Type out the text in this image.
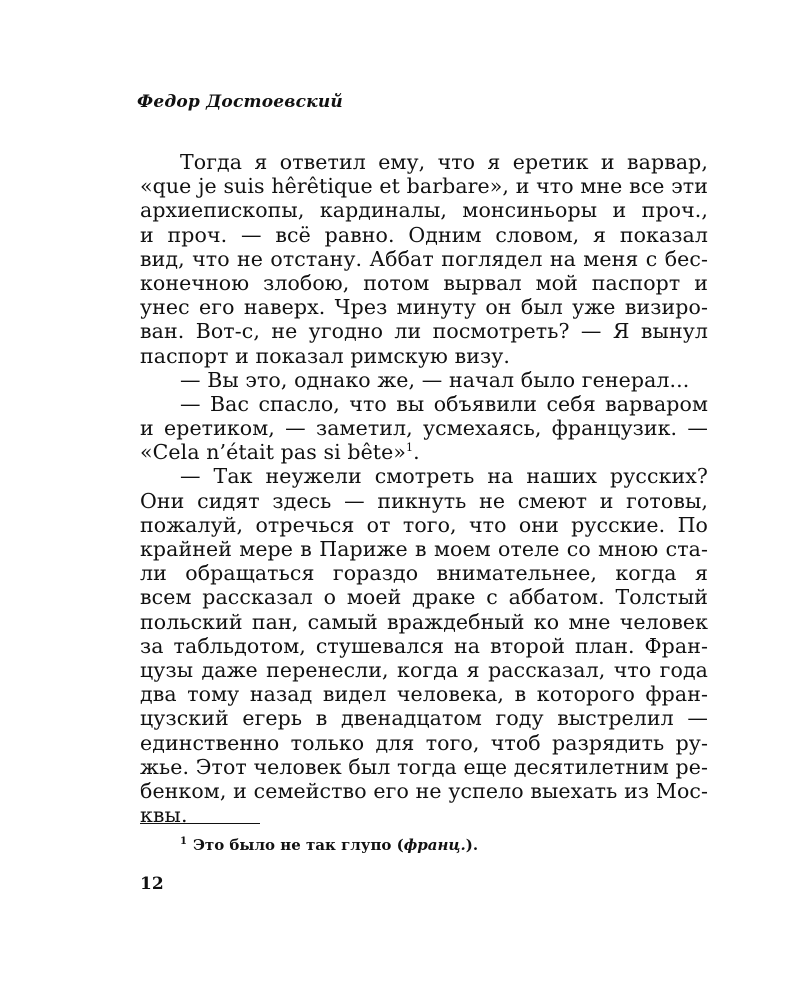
Федор Достоевский
Тогда я ответил ему, что я еретик и варвар,
«que je suis hêrêtique et barbare», и что мне все эти
архиепископы, кардиналы, монсиньоры и проч.,
и проч. — всё равно. Одним словом, я показал
вид, что не отстану. Аббат поглядел на меня с бес-
конечною злобою, потом вырвал мой паспорт и
унес его наверх. Чрез минуту он был уже визиро-
ван. Вот-с, не угодно ли посмотреть? — Я вынул
паспорт и показал римскую визу.
— Вы это, однако же, — начал было генерал...
— Вас спасло, что вы объявили себя варваром
и еретиком, — заметил, усмехаясь, французик. —
«Cela n’était pas si bête»$^1$.
— Так неужели смотреть на наших русских?
Они сидят здесь — пикнуть не смеют и готовы,
пожалуй, отречься от того, что они русские. По
крайней мере в Париже в моем отеле со мною ста-
ли обращаться гораздо внимательнее, когда я
всем рассказал о моей драке с аббатом. Толстый
польский пан, самый враждебный ко мне человек
за табльдотом, стушевался на второй план. Фран-
цузы даже перенесли, когда я рассказал, что года
два тому назад видел человека, в которого фран-
цузский егерь в двенадцатом году выстрелил —
единственно только для того, чтоб разрядить ру-
жье. Этот человек был тогда еще десятилетним ре-
бенком, и семейство его не успело выехать из Мос-
квы.
$^1$ Это было не так глупо (франц.).
12
